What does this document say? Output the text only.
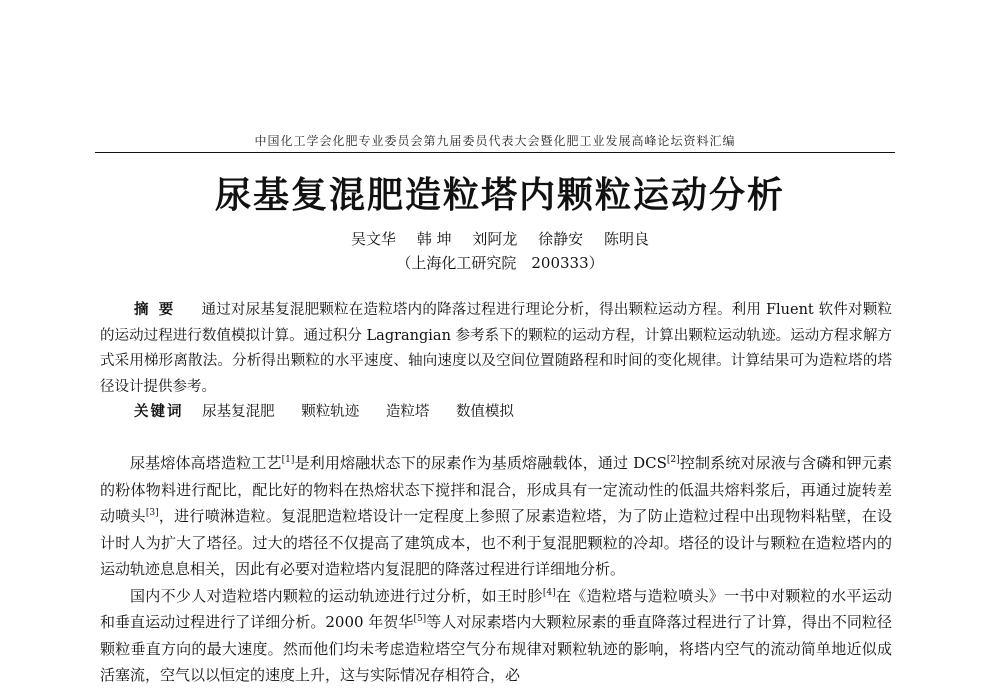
中国化工学会化肥专业委员会第九届委员代表大会暨化肥工业发展高峰论坛资料汇编
尿基复混肥造粒塔内颗粒运动分析
吴文华 韩 坤 刘阿龙 徐静安 陈明良
（上海化工研究院　200333）
摘要 通过对尿基复混肥颗粒在造粒塔内的降落过程进行理论分析，得出颗粒运动方程。利用 Fluent 软件对颗粒的运动过程进行数值模拟计算。通过积分 Lagrangian 参考系下的颗粒的运动方程，计算出颗粒运动轨迹。运动方程求解方式采用梯形离散法。分析得出颗粒的水平速度、轴向速度以及空间位置随路程和时间的变化规律。计算结果可为造粒塔的塔径设计提供参考。
关键词 尿基复混肥 颗粒轨迹 造粒塔 数值模拟

尿基熔体高塔造粒工艺[1]是利用熔融状态下的尿素作为基质熔融载体，通过 DCS[2]控制系统对尿液与含磷和钾元素的粉体物料进行配比，配比好的物料在热熔状态下搅拌和混合，形成具有一定流动性的低温共熔料浆后，再通过旋转差动喷头[3]，进行喷淋造粒。复混肥造粒塔设计一定程度上参照了尿素造粒塔，为了防止造粒过程中出现物料粘壁，在设计时人为扩大了塔径。过大的塔径不仅提高了建筑成本，也不利于复混肥颗粒的冷却。塔径的设计与颗粒在造粒塔内的运动轨迹息息相关，因此有必要对造粒塔内复混肥的降落过程进行详细地分析。

国内不少人对造粒塔内颗粒的运动轨迹进行过分析，如王时胗[4]在《造粒塔与造粒喷头》一书中对颗粒的水平运动和垂直运动过程进行了详细分析。2000 年贺华[5]等人对尿素塔内大颗粒尿素的垂直降落过程进行了计算，得出不同粒径颗粒垂直方向的最大速度。然而他们均未考虑造粒塔空气分布规律对颗粒轨迹的影响，将塔内空气的流动简单地近似成活塞流，空气以以恒定的速度上升，这与实际情况存相符合，必
